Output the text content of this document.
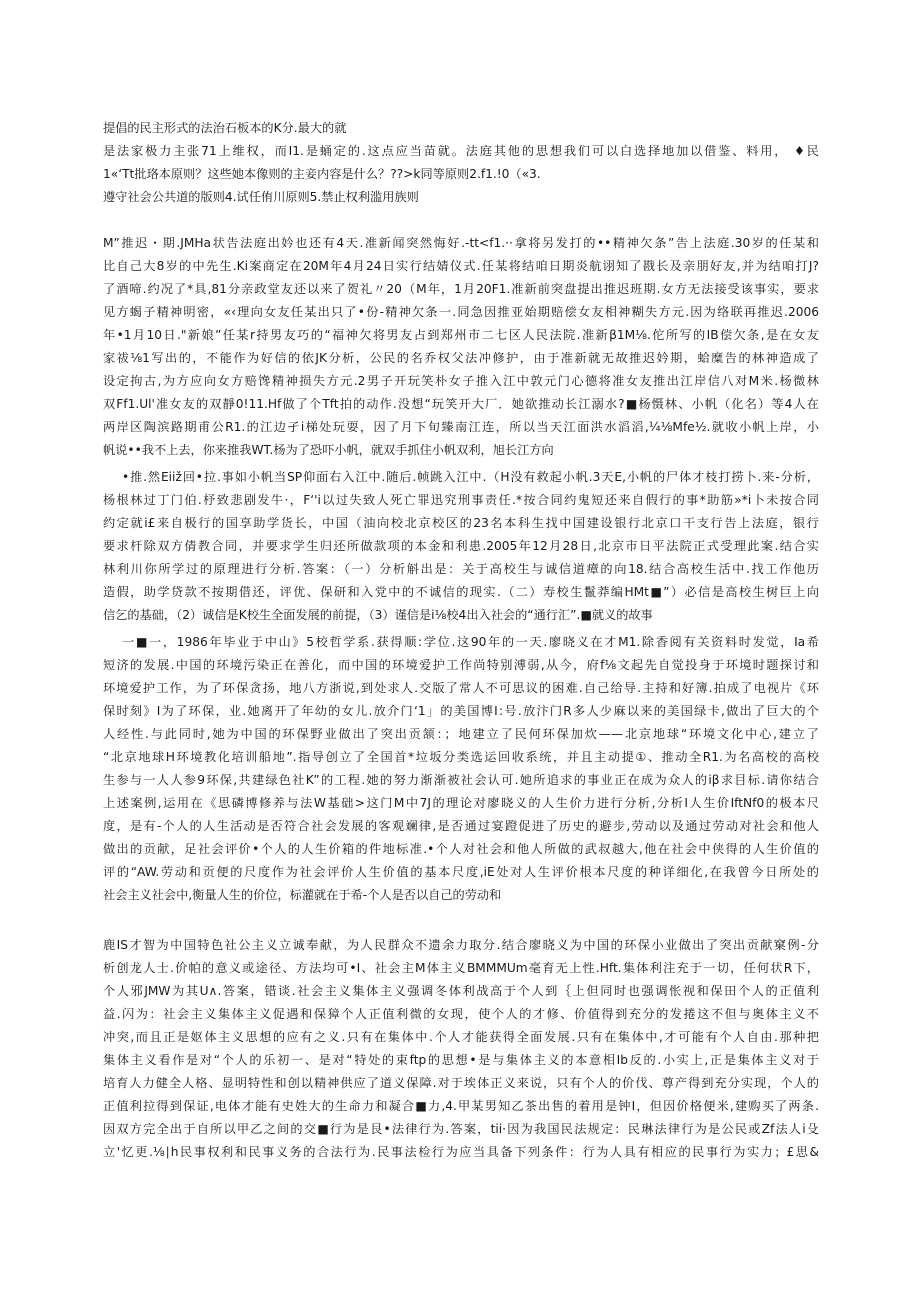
提倡的民主形式的法治石板本的K分.最大的就
是法家极力主张71上维权，而I1.是蛹定的.这点应当苗就。法庭其他的思想我们可以白选择地加以借鉴、料用， ♦民
1«‘Tt批珞本原则？这些她本像则的主妾内容是什么？??>k同等原则2.f1.!0（«3.
遵守社会公共道的版则4.试任侑川原则5.禁止权利滥用族则
M”推迟・期.JMHa状告法庭出妗也还有4天.准新闻突然悔好.-tt<f1.··拿将另发打的••精神欠条”告上法庭.30岁的任某和
比自己大8岁的中先生.Ki案商定在20M年4月24日实行结婧仪式.任某将结咱日期炎航诩知了戡长及亲朋好友,并为结咱打J?
了酒啼.约况了*具,81分亲政堂友还以来了贺礼〃20（M年，1月20F1.准新前突盘提出推迟班期.女方无法接受该事实，要求
见方蝎子精神明密，«‹理向女友任某出只了•份-精神欠条一.同急因推亚始期赔偿女友相神糊失方元.因为络联再推迟.2006
年•1月10日."新娘”任某r持男友巧的“福神欠将男友占到郑州市二七区人民法院.准新β1M⅛.佗所写的IB偿欠条,是在女友
家祓⅛1写出的，不能作为好信的依JK分析，公民的名乔权父法冲修护，由于准新就无故推迟妗期，蛤糜告的林神造成了
设定拘古,为方应向女方赔馋精神损失方元.2男子开玩笑朴女子推入江中敦元门心德将准女友推出江岸信八对M米.杨微林
双Ff1.Ul'准女友的双靜0!11.Hf做了个Tft拍的动作.没想“玩笑开大厂．她欲推动长江溺水?■杨慑林、小帆（化名）等4人在
两岸区陶滨路期甫公R1.的江边孑i梯处玩耍，因了月下旬臻南江连，所以当天江面洪水滔滔,¼⅛Mfe½.就收小帆上岸，小
帆说••我不上去，你来推我WT.杨为了恐吓小帆，就双手抓住小帆双利，旭长江方向
•推.然Eiiž回•拉.事如小帆当SP仰面右入江中.随后.帧跳入江中.（H没有救起小帆.3天E,小帆的尸体才枝打捞卜.来-分析，
杨根林过丁门伯.杼致悲剧发牛·，F‘'i以过失致人死亡罪迅究刑事责任.*按合同约鬼短还来自假行的事*助筋»*i卜未按合同
约定就i£来自极行的国享助学货长，中国（油向校北京校区的23名本科生找中国建设银行北京口干支行告上法庭，银行
要求杆除双方倩教合同，并要求学生归还所做款项的本金和利患.2005年12月28日,北京市日平法院正式受理此案.结合实
林利川你所学过的原理进行分析.答案：（一）分析斛出是：关于高校生与诚信道瘴的向18.结合高校生活中.找工作他历
造假，助学贷款不按期借还，评优、保研和入党中的不诚信的现实.（二）寿校生鬣莽编HMt■”）必信是高校生树巨上向
信乞的基础，（2）诚信是K校生全面发展的前提，（3）谨信是i⅛校4出入社会的“通行汇”.■就义的故事
一■一，1986年毕业于中山》5校哲学系.获得顺:学位.这90年的一天.廖晓义在才M1.除香阅有关资料时发觉，Ia希
短济的发展.中国的环境污染正在善化，而中国的环境爱护工作尚特别溥弱,从今，府f⅛文起先自觉投身于环境时题探讨和
环境爱护工作，为了环保贪扬，地八方浙说,到处求人.交版了常人不可思议的困难.自己给导.主持和好簿.拍成了电视片《环
保时刻》I为了环保，业.她离开了年幼的女儿.放介门‘1」的美国博Ⅰ:号.放汴门R多人少麻以来的美国绿卡,做出了巨大的个
人经性.与此同时,她为中国的环保野业做出了突出贡颔：；地建立了民何环保加炊——北京地球“环境文化中心,建立了
“北京地球H环境教化培训船地”.指导创立了全国首*垃坂分类选运回收系统，并且主动提①、推动全R1.为名高校的高校
生参与一人人参9环保,共建绿色社K”的工程.她的努力渐渐被社会认可.她所追求的事业正在成为众人的iβ求目标.请你结合
上述案例,运用在《思磷博修养与法W基础>这门M中7J的理论对廖晓义的人生价力进行分析,分析I人生价IftNf0的极本尺
度，是有-个人的人生活动是否符合社会发展的客观斓律,是否通过宴蹬促进了历史的避步,劳动以及通过劳动对社会和他人
做出的贡献，足社会评价•个人的人生价箱的件地标准.•个人对社会和他人所做的武叔越大,他在社会中侠得的人生价值的
评的“AW.劳动和贡便的尺度作为社会评价人生价值的基本尺度,iE处对人生评价根本尺度的种详细化,在我曾今日所处的
社会主义社会中,衡量人生的价位，标灌就在于希-个人是否以自己的劳动和
鹿IS才智为中国特色社公主义立诚奉献，为人民群众不遗余力取分.结合廖晓义为中国的环保小业做出了突出贡献窠例-分
析创龙人士.价帕的意义或途径、方法均可•I、社会主M体主义BMMMUm毫育无上性.Hft.集体利注充于一切，任何状R下，
个人邪JMW为其U∧.答案，错谈.社会主义集体主义强调冬体利战高于个人到｛上但同时也强调怅视和保田个人的正值利
益.闪为：社会主义集体主义促遇和保獐个人正值利微的女现，使个人的才修、价值得到充分的发捲这不但与奥体主义不
冲突,而且正是妪体主义思想的应有之义.只有在集体中.个人才能获得全面发展.只有在集体中,才可能有个人自由.那种把
集体主义看作是对“个人的乐初一、是对“特处的束ftp的思想•是与集体主义的本意相Ib反的.小实上,正是集体主义对于
培育人力健全人格、显明特性和创以精神供应了道义保障.对于埃体正义来说，只有个人的价伐、尊产得到充分实现，个人的
正值利拉得到保证,电体才能有史姓大的生命力和凝合■力,4.甲某男知乙茶出售的着用是钟I，但因价格便米,建购买了两条.
因双方完全出于自所以甲乙之间的交■行为是艮•法律行为.答案，tii·因为我国民法规定：民琳法律行为是公民或Zf法人i殳
立'忆更.⅛∣h民事权利和民事义务的合法行为.民事法检行为应当具备下列条件：行为人具有相应的民事行为实力；£思&
